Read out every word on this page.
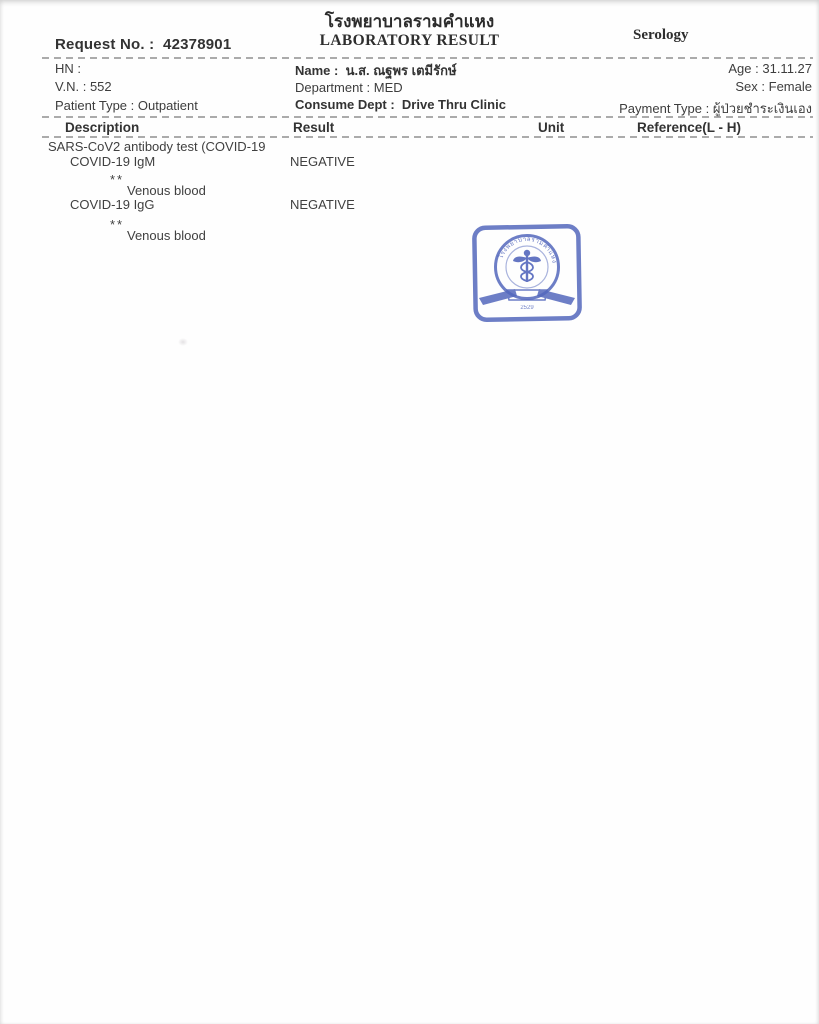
โรงพยาบาลรามคำแหง
LABORATORY RESULT	Serology
Request No. : 42378901
HN :
V.N. : 552
Patient Type : Outpatient
Name : น.ส. ณฐพร เตมีรักษ์
Department : MED
Consume Dept : Drive Thru Clinic
Age : 31.11.27
Sex : Female
Payment Type : ผู้ป่วยชำระเงินเอง
Description	Result	Unit	Reference(L - H)
SARS-CoV2 antibody test (COVID-19
COVID-19 IgM	NEGATIVE
**
Venous blood
COVID-19 IgG	NEGATIVE
**
Venous blood
โรงพยาบาลรามคำแหง
2529
